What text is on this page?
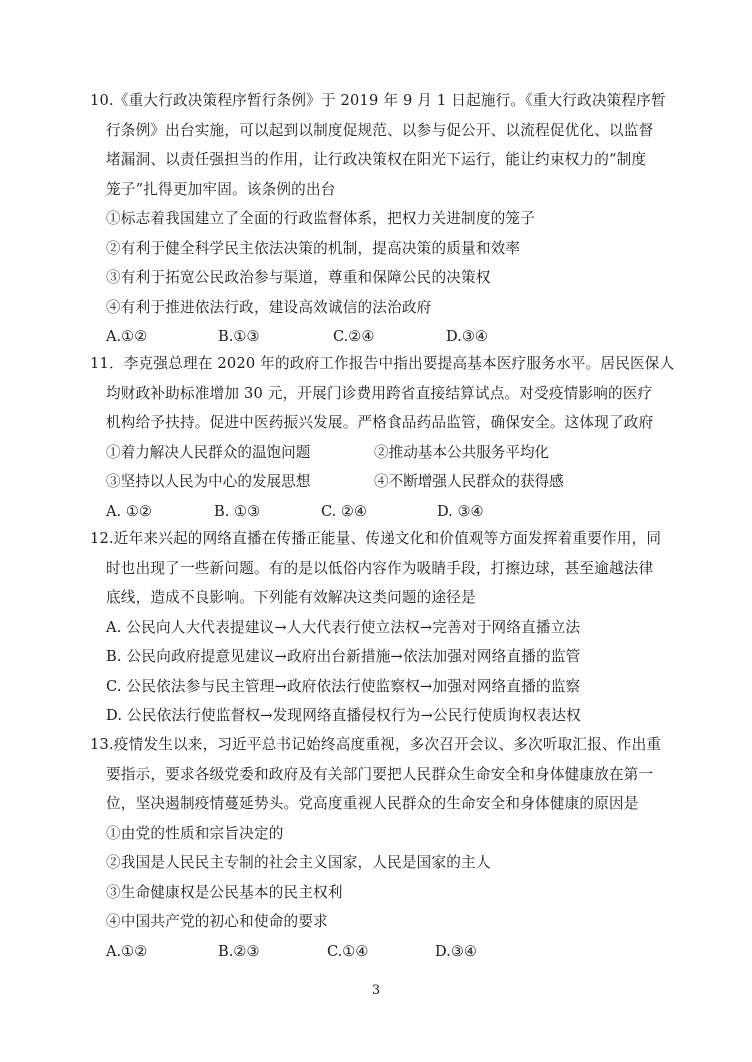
10.《重大行政决策程序暂行条例》于 2019 年 9 月 1 日起施行。《重大行政决策程序暂
行条例》出台实施，可以起到以制度促规范、以参与促公开、以流程促优化、以监督
堵漏洞、以责任强担当的作用，让行政决策权在阳光下运行，能让约束权力的“制度
笼子”扎得更加牢固。该条例的出台
①标志着我国建立了全面的行政监督体系，把权力关进制度的笼子
②有利于健全科学民主依法决策的机制，提高决策的质量和效率
③有利于拓宽公民政治参与渠道，尊重和保障公民的决策权
④有利于推进依法行政，建设高效诚信的法治政府
A.①②	B.①③	C.②④	D.③④
11．李克强总理在 2020 年的政府工作报告中指出要提高基本医疗服务水平。居民医保人
均财政补助标准增加 30 元，开展门诊费用跨省直接结算试点。对受疫情影响的医疗
机构给予扶持。促进中医药振兴发展。严格食品药品监管，确保安全。这体现了政府
①着力解决人民群众的温饱问题	②推动基本公共服务平均化
③坚持以人民为中心的发展思想	④不断增强人民群众的获得感
A. ①②	B. ①③	C. ②④	D. ③④
12.近年来兴起的网络直播在传播正能量、传递文化和价值观等方面发挥着重要作用，同
时也出现了一些新问题。有的是以低俗内容作为吸睛手段，打擦边球，甚至逾越法律
底线，造成不良影响。下列能有效解决这类问题的途径是
A. 公民向人大代表提建议→人大代表行使立法权→完善对于网络直播立法
B. 公民向政府提意见建议→政府出台新措施→依法加强对网络直播的监管
C. 公民依法参与民主管理→政府依法行使监察权→加强对网络直播的监察
D. 公民依法行使监督权→发现网络直播侵权行为→公民行使质询权表达权
13.疫情发生以来，习近平总书记始终高度重视，多次召开会议、多次听取汇报、作出重
要指示，要求各级党委和政府及有关部门要把人民群众生命安全和身体健康放在第一
位，坚决遏制疫情蔓延势头。党高度重视人民群众的生命安全和身体健康的原因是
①由党的性质和宗旨决定的
②我国是人民民主专制的社会主义国家，人民是国家的主人
③生命健康权是公民基本的民主权利
④中国共产党的初心和使命的要求
A.①②	B.②③	C.①④	D.③④
3
